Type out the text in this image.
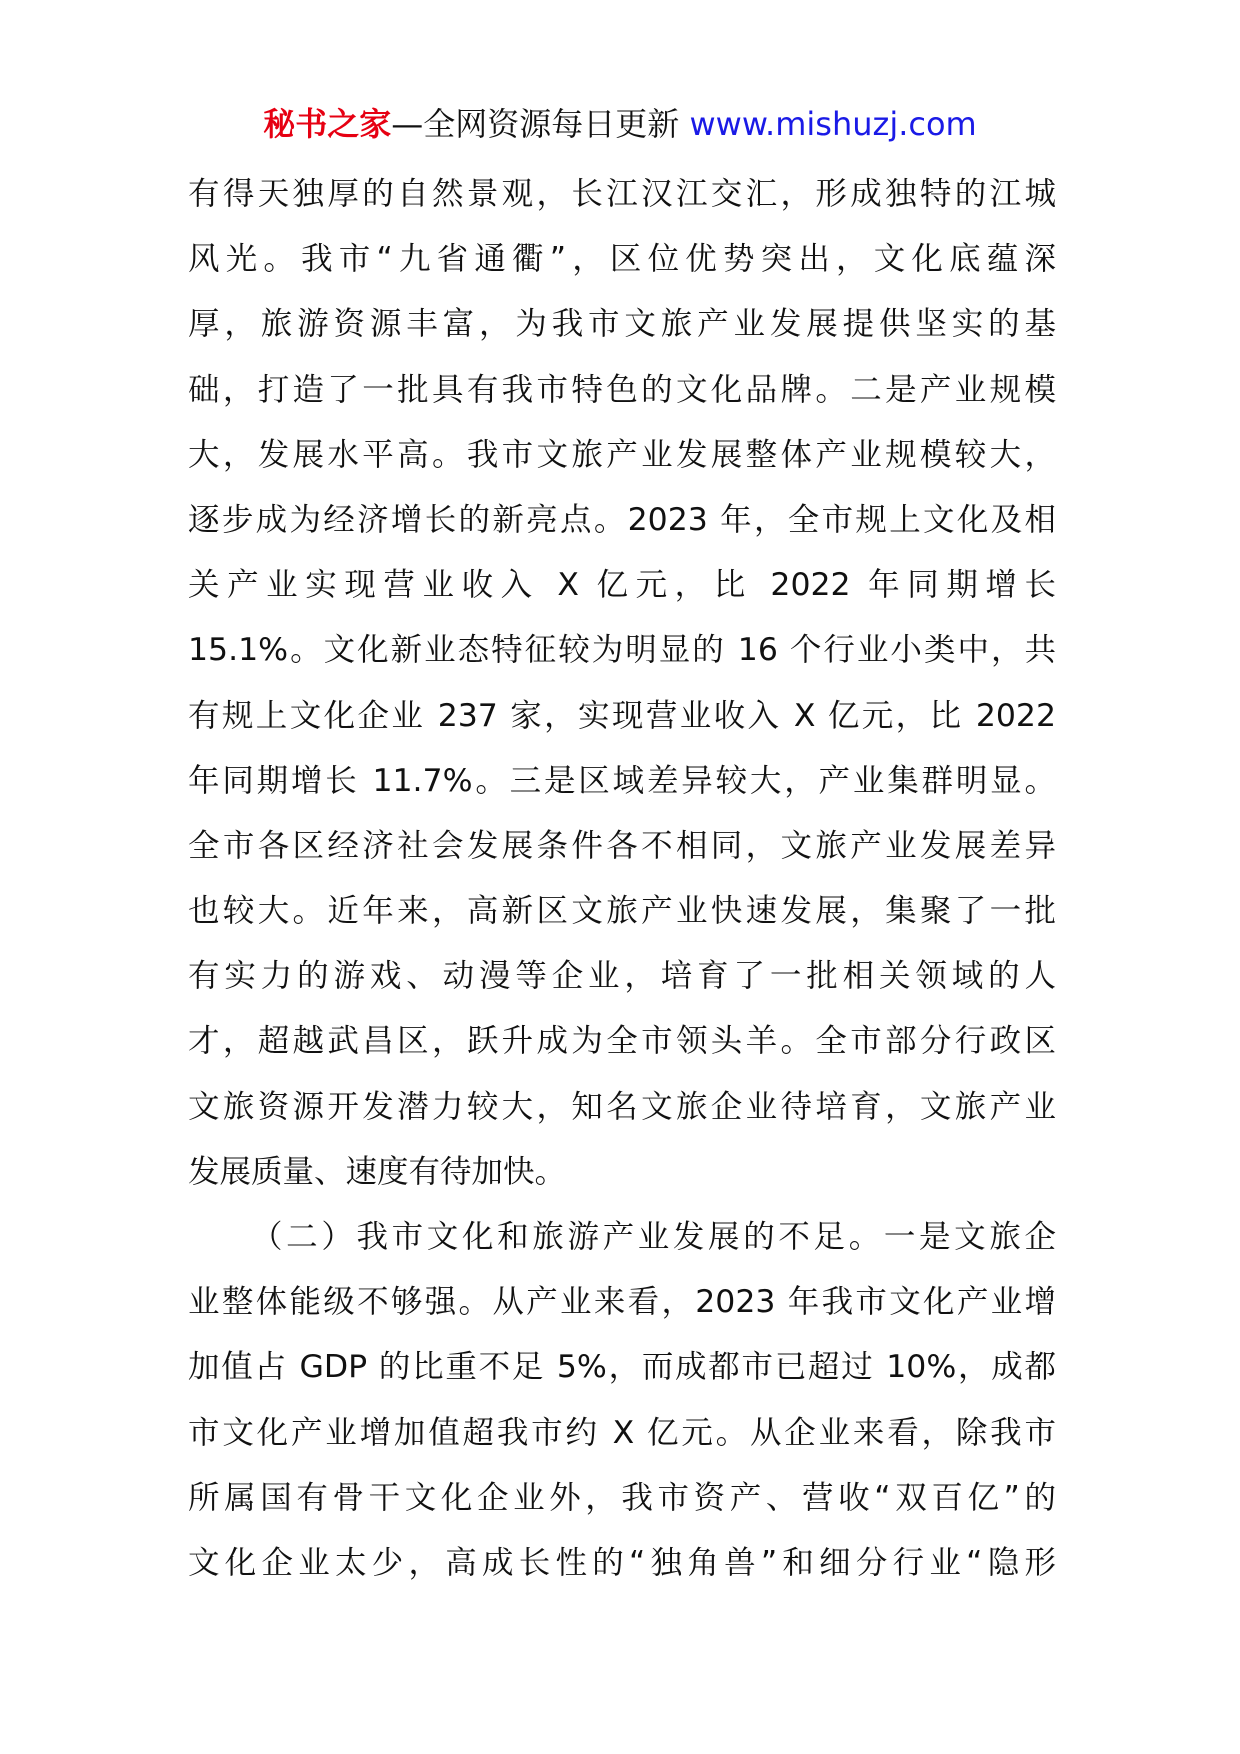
秘书之家—全网资源每日更新 www.mishuzj.com
有得天独厚的自然景观，长江汉江交汇，形成独特的江城
风光。我市“九省通衢”，区位优势突出，文化底蕴深
厚，旅游资源丰富，为我市文旅产业发展提供坚实的基
础，打造了一批具有我市特色的文化品牌。二是产业规模
大，发展水平高。我市文旅产业发展整体产业规模较大，
逐步成为经济增长的新亮点。2023 年，全市规上文化及相
关产业实现营业收入 X 亿元，比 2022 年同期增长
15.1%。文化新业态特征较为明显的 16 个行业小类中，共
有规上文化企业 237 家，实现营业收入 X 亿元，比 2022
年同期增长 11.7%。三是区域差异较大，产业集群明显。
全市各区经济社会发展条件各不相同，文旅产业发展差异
也较大。近年来，高新区文旅产业快速发展，集聚了一批
有实力的游戏、动漫等企业，培育了一批相关领域的人
才，超越武昌区，跃升成为全市领头羊。全市部分行政区
文旅资源开发潜力较大，知名文旅企业待培育，文旅产业
发展质量、速度有待加快。
（二）我市文化和旅游产业发展的不足。一是文旅企
业整体能级不够强。从产业来看，2023 年我市文化产业增
加值占 GDP 的比重不足 5%，而成都市已超过 10%，成都
市文化产业增加值超我市约 X 亿元。从企业来看，除我市
所属国有骨干文化企业外，我市资产、营收“双百亿”的
文化企业太少，高成长性的“独角兽”和细分行业“隐形
